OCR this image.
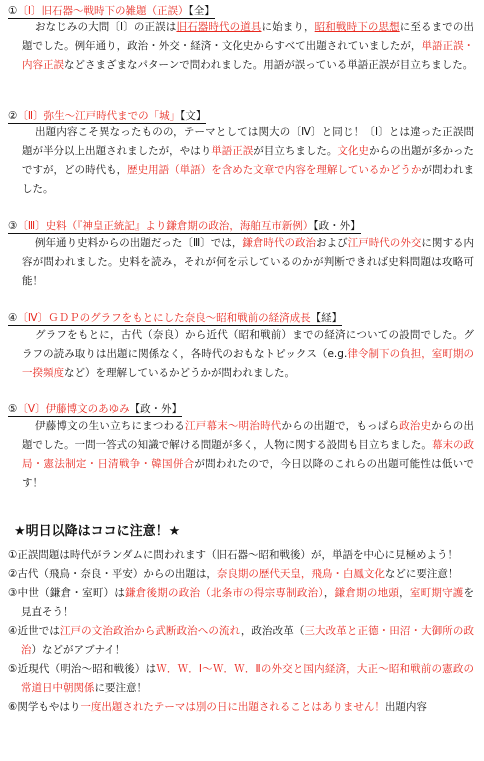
①〔Ⅰ〕旧石器～戦時下の雑題（正誤）【全】
おなじみの大問〔Ⅰ〕の正誤は旧石器時代の道具に始まり，昭和戦時下の思想に至るまでの出題でした。例年通り，政治・外交・経済・文化史からすべて出題されていましたが，単語正誤・内容正誤などさまざまなパターンで問われました。用語が誤っている単語正誤が目立ちました。
②〔Ⅱ〕弥生～江戸時代までの「城」【文】
出題内容こそ異なったものの，テーマとしては関大の〔Ⅳ〕と同じ！〔Ⅰ〕とは違った正誤問題が半分以上出題されましたが，やはり単語正誤が目立ちました。文化史からの出題が多かったですが，どの時代も，歴史用語（単語）を含めた文章で内容を理解しているかどうかが問われました。
③〔Ⅲ〕史料（『神皇正統記』より鎌倉期の政治，海舶互市新例）【政・外】
例年通り史料からの出題だった〔Ⅲ〕では，鎌倉時代の政治および江戸時代の外交に関する内容が問われました。史料を読み，それが何を示しているのかが判断できれば史料問題は攻略可能！
④〔Ⅳ〕ＧＤＰのグラフをもとにした奈良～昭和戦前の経済成長【経】
グラフをもとに，古代（奈良）から近代（昭和戦前）までの経済についての設問でした。グラフの読み取りは出題に関係なく，各時代のおもなトピックス（e.g.律令制下の負担，室町期の一揆頻度など）を理解しているかどうかが問われました。
⑤〔Ⅴ〕伊藤博文のあゆみ【政・外】
伊藤博文の生い立ちにまつわる江戸幕末～明治時代からの出題で，もっぱら政治史からの出題でした。一問一答式の知識で解ける問題が多く，人物に関する設問も目立ちました。幕末の政局・憲法制定・日清戦争・韓国併合が問われたので，今日以降のこれらの出題可能性は低いです！
★明日以降はココに注意！★
①正誤問題は時代がランダムに問われます（旧石器～昭和戦後）が，単語を中心に見極めよう！
②古代（飛鳥・奈良・平安）からの出題は，奈良期の歴代天皇，飛鳥・白鳳文化などに要注意！
③中世（鎌倉・室町）は鎌倉後期の政治（北条市の得宗専制政治），鎌倉期の地頭，室町期守護を見直そう！
④近世では江戸の文治政治から武断政治への流れ，政治改革（三大改革と正德・田沼・大御所の政治）などがアブナイ！
⑤近現代（明治～昭和戦後）はＷ．Ｗ．Ⅰ～Ｗ．Ｗ．Ⅱの外交と国内経済，大正～昭和戦前の憲政の常道日中朝関係に要注意！
⑥関学もやはり一度出題されたテーマは別の日に出題されることはありません！出題内容
